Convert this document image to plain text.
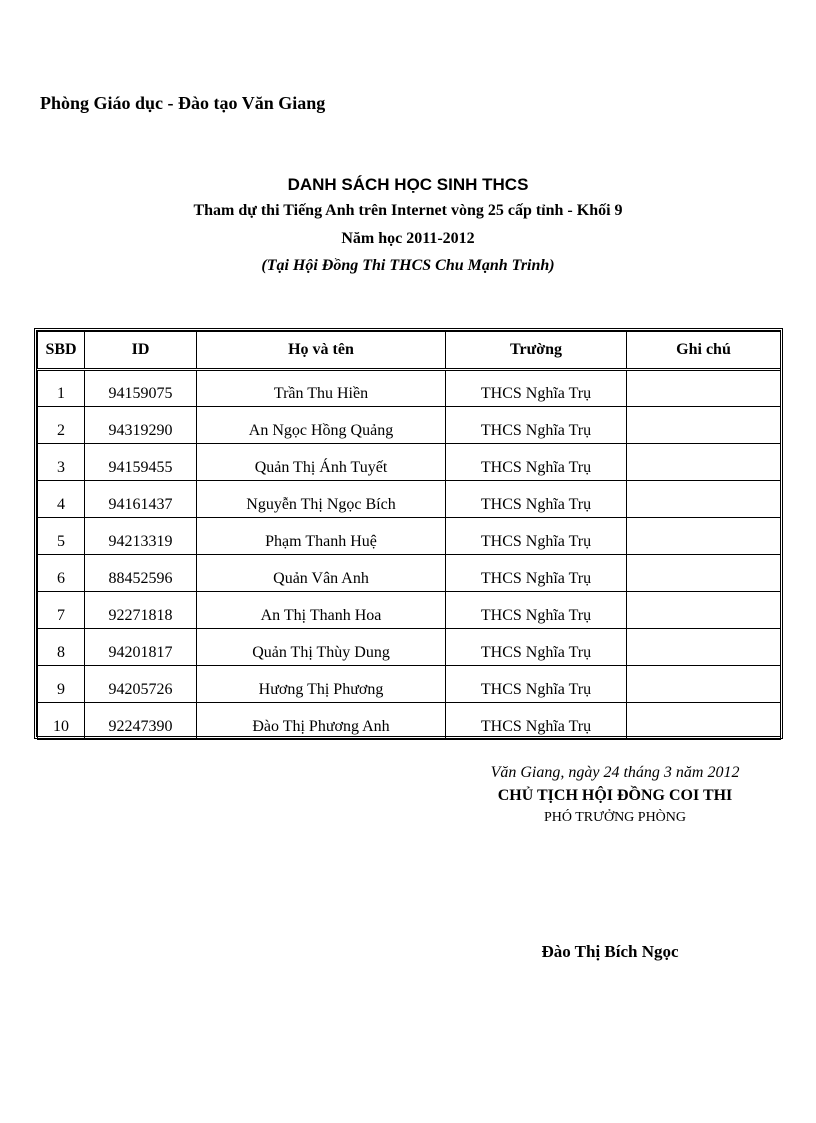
Phòng Giáo dục - Đào tạo Văn Giang
DANH SÁCH HỌC SINH THCS
Tham dự thi Tiếng Anh trên Internet vòng 25 cấp tỉnh - Khối 9
Năm học 2011-2012
(Tại Hội Đồng Thi THCS Chu Mạnh Trinh)
SBD	ID	Họ và tên	Trường	Ghi chú
1	94159075	Trần Thu Hiền	THCS Nghĩa Trụ	
2	94319290	An Ngọc Hồng Quảng	THCS Nghĩa Trụ	
3	94159455	Quản Thị Ánh Tuyết	THCS Nghĩa Trụ	
4	94161437	Nguyễn Thị Ngọc Bích	THCS Nghĩa Trụ	
5	94213319	Phạm Thanh Huệ	THCS Nghĩa Trụ	
6	88452596	Quản Vân Anh	THCS Nghĩa Trụ	
7	92271818	An Thị Thanh Hoa	THCS Nghĩa Trụ	
8	94201817	Quản Thị Thùy Dung	THCS Nghĩa Trụ	
9	94205726	Hương Thị Phương	THCS Nghĩa Trụ	
10	92247390	Đào Thị Phương Anh	THCS Nghĩa Trụ	
Văn Giang, ngày 24 tháng 3 năm 2012
CHỦ TỊCH HỘI ĐỒNG COI THI
PHÓ TRƯỞNG PHÒNG
Đào Thị Bích Ngọc
